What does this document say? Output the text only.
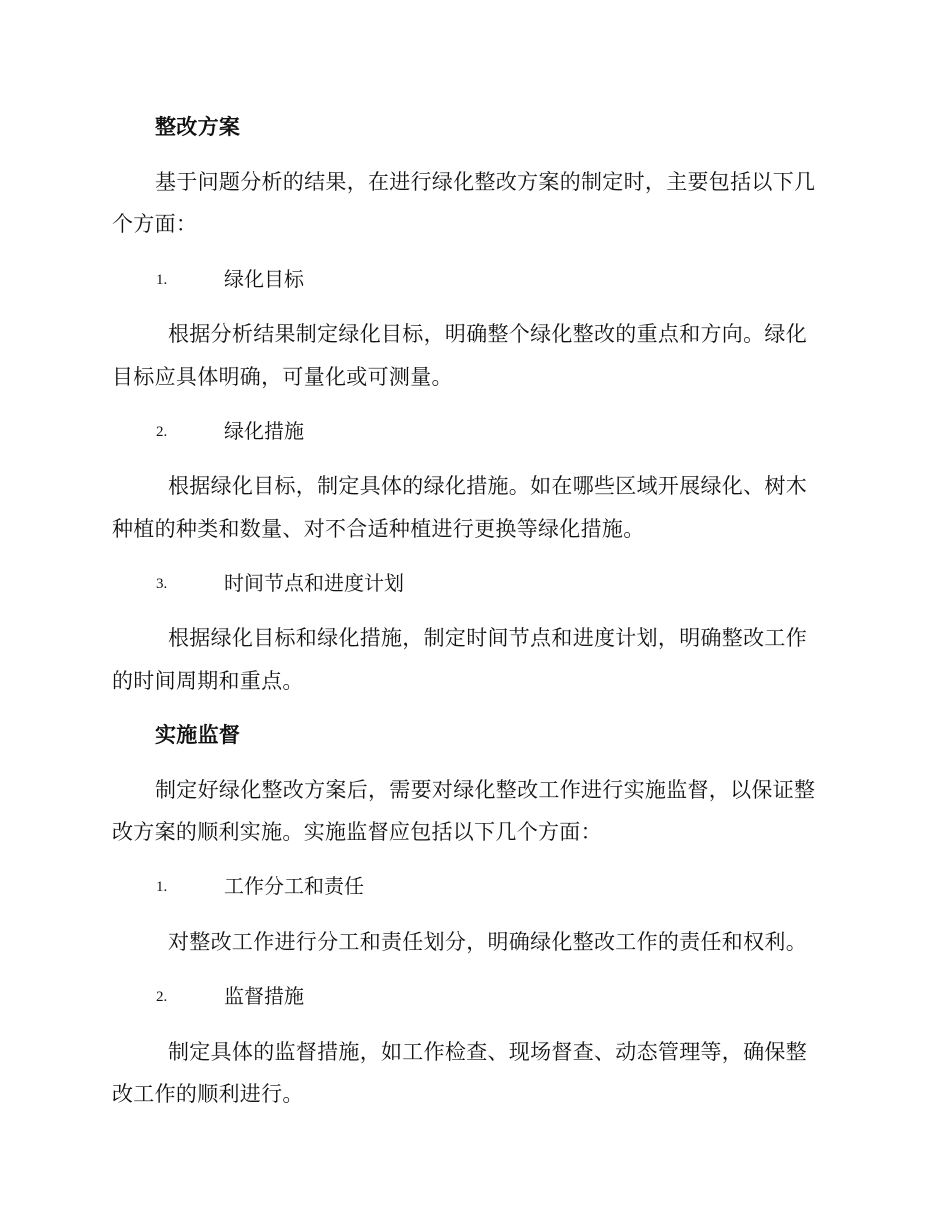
整改方案
基于问题分析的结果，在进行绿化整改方案的制定时，主要包括以下几
个方面：
1.	绿化目标
根据分析结果制定绿化目标，明确整个绿化整改的重点和方向。绿化
目标应具体明确，可量化或可测量。
2.	绿化措施
根据绿化目标，制定具体的绿化措施。如在哪些区域开展绿化、树木
种植的种类和数量、对不合适种植进行更换等绿化措施。
3.	时间节点和进度计划
根据绿化目标和绿化措施，制定时间节点和进度计划，明确整改工作
的时间周期和重点。
实施监督
制定好绿化整改方案后，需要对绿化整改工作进行实施监督，以保证整
改方案的顺利实施。实施监督应包括以下几个方面：
1.	工作分工和责任
对整改工作进行分工和责任划分，明确绿化整改工作的责任和权利。
2.	监督措施
制定具体的监督措施，如工作检查、现场督查、动态管理等，确保整
改工作的顺利进行。
